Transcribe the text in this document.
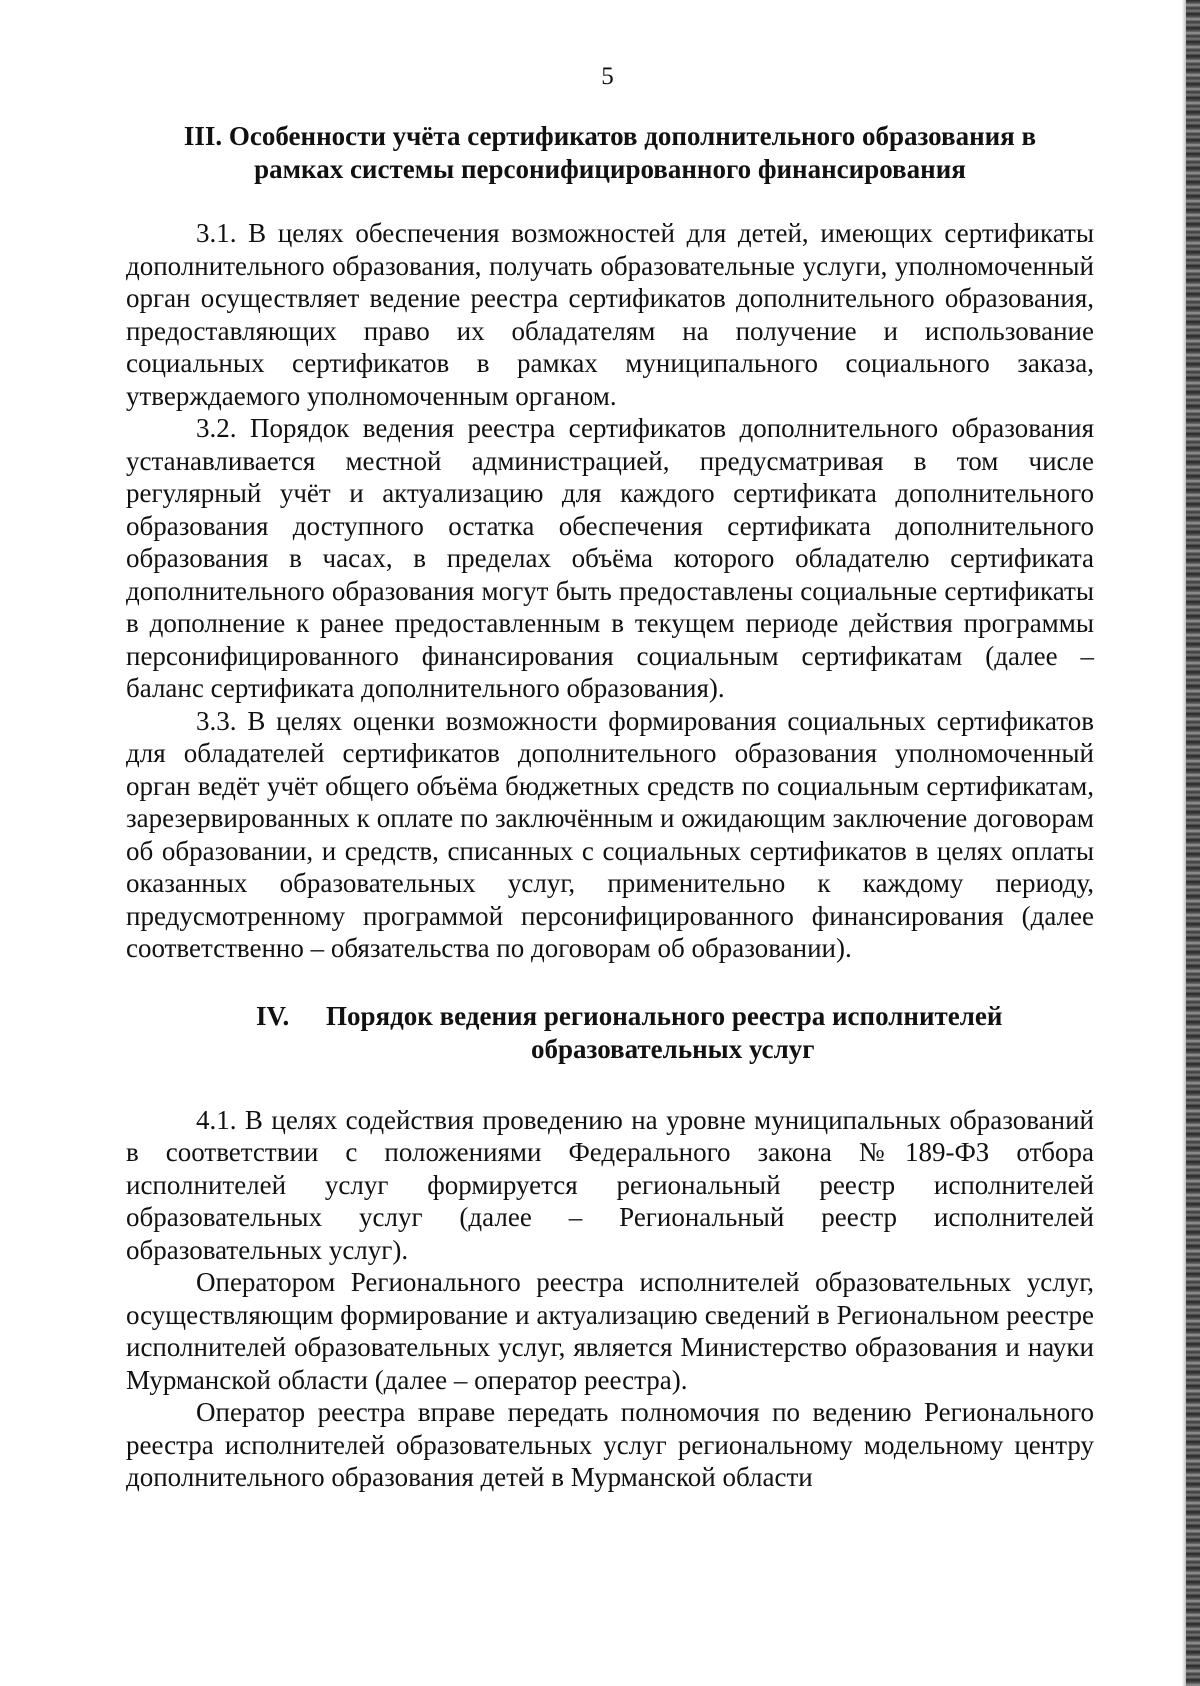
5
III. Особенности учёта сертификатов дополнительного образования в
рамках системы персонифицированного финансирования

3.1. В целях обеспечения возможностей для детей, имеющих сертификаты дополнительного образования, получать образовательные услуги, уполномоченный орган осуществляет ведение реестра сертификатов дополнительного образования, предоставляющих право их обладателям на получение и использование социальных сертификатов в рамках муниципального социального заказа, утверждаемого уполномоченным органом.

3.2. Порядок ведения реестра сертификатов дополнительного образования устанавливается местной администрацией, предусматривая в том числе регулярный учёт и актуализацию для каждого сертификата дополнительного образования доступного остатка обеспечения сертификата дополнительного образования в часах, в пределах объёма которого обладателю сертификата дополнительного образования могут быть предоставлены социальные сертификаты в дополнение к ранее предоставленным в текущем периоде действия программы персонифицированного финансирования социальным сертификатам (далее – баланс сертификата дополнительного образования).

3.3. В целях оценки возможности формирования социальных сертификатов для обладателей сертификатов дополнительного образования уполномоченный орган ведёт учёт общего объёма бюджетных средств по социальным сертификатам, зарезервированных к оплате по заключённым и ожидающим заключение договорам об образовании, и средств, списанных с социальных сертификатов в целях оплаты оказанных образовательных услуг, применительно к каждому периоду, предусмотренному программой персонифицированного финансирования (далее соответственно – обязательства по договорам об образовании).

IV. Порядок ведения регионального реестра исполнителей
образовательных услуг

4.1. В целях содействия проведению на уровне муниципальных образований в соответствии с положениями Федерального закона №189-ФЗ отбора исполнителей услуг формируется региональный реестр исполнителей образовательных услуг (далее – Региональный реестр исполнителей образовательных услуг).

Оператором Регионального реестра исполнителей образовательных услуг, осуществляющим формирование и актуализацию сведений в Региональном реестре исполнителей образовательных услуг, является Министерство образования и науки Мурманской области (далее – оператор реестра).

Оператор реестра вправе передать полномочия по ведению Регионального реестра исполнителей образовательных услуг региональному модельному центру дополнительного образования детей в Мурманской области
